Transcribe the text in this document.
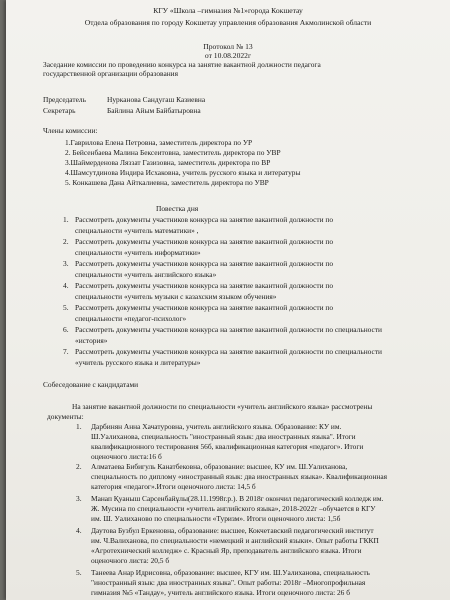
КГУ «Школа –гимназия №1»города Кокшетау
Отдела образования по городу Кокшетау управления образования Акмолинской области
Протокол № 13
от 10.08.2022г
Заседание комиссии по проведению конкурса на занятие вакантной должности педагога
государственной организации образования
Председатель	Нурканова Сандугаш Казиевна
Секретарь	Байлина Айым Байбатыровна
Члены комиссии:
1.Гаврилова Елена Петровна, заместитель директора по УР
2. Бейсенбаева Малина Бексеитовна, заместитель директора по УВР
3.Шаймерденова Ляззат Газизовна, заместитель директора по ВР
4.Шамсутдинова Индира Исхаковна, учитель русского языка и литературы
5. Конкашева Дана Айткалиевна, заместитель директора по УВР
Повестка дня
1. Рассмотреть документы участников конкурса на занятие вакантной должности по
специальности «учитель математики» ,
2. Рассмотреть документы участников конкурса на занятие вакантной должности по
специальности «учитель информатики»
3. Рассмотреть документы участников конкурса на занятие вакантной должности по
специальности «учитель английского языка»
4. Рассмотреть документы участников конкурса на занятие вакантной должности по
специальности «учитель музыки с казахским языком обучения»
5. Рассмотреть документы участников конкурса на занятие вакантной должности по
специальности «педагог-психолог»
6. Рассмотреть документы участников конкурса на занятие вакантной должности по специальности
«история»
7. Рассмотреть документы участников конкурса на занятие вакантной должности по специальности
«учитель русского языка и литературы»
Собеседование с кандидатами
На занятие вакантной должности по специальности «учитель английского языка» рассмотрены
документы:
1. Дарбинян Анна Хачатуровна, учитель английского языка. Образование: КУ им.
Ш.Уалиханова, специальность "иностранный язык: два иностранных языка". Итоги
квалификационного тестирования 56б, квалификационная категория «педагог». Итоги
оценочного листа:16 б
2. Алматаева Бибигуль Канатбековна, образование: высшее, КУ им. Ш.Уалиханова,
специальность по диплому «иностранный язык: два иностранных языка». Квалификационная
категория «педагог».Итоги оценочного листа: 14,5 б
3. Манап Қуаныш Сарсенбайұлы(28.11.1998г.р.). В 2018г окончил педагогический колледж им.
Ж. Мусина по специальности «учитель английского языка», 2018-2022г –обучается в КГУ
им. Ш. Уалиханово по специальности «Туризм». Итоги оценочного листа: 1,5б
4. Даутова Бузбул Еркеновна, образование: высшее, Кокчетавский педагогический институт
им. Ч.Валиханова, по специальности «немецкий и английский языки». Опыт работы ГККП
«Агротехнический колледж» с. Красный Яр, преподаватель английского языка. Итоги
оценочного листа: 20,5 б
5. Танеева Анар Идрисовна, образование: высшее, КГУ им. Ш.Уалиханова, специальность
"иностранный язык: два иностранных языка". Опыт работы: 2018г –Многопрофильная
гимназия №5 «Тандау», учитель английского языка. Итоги оценочного листа: 26 б
